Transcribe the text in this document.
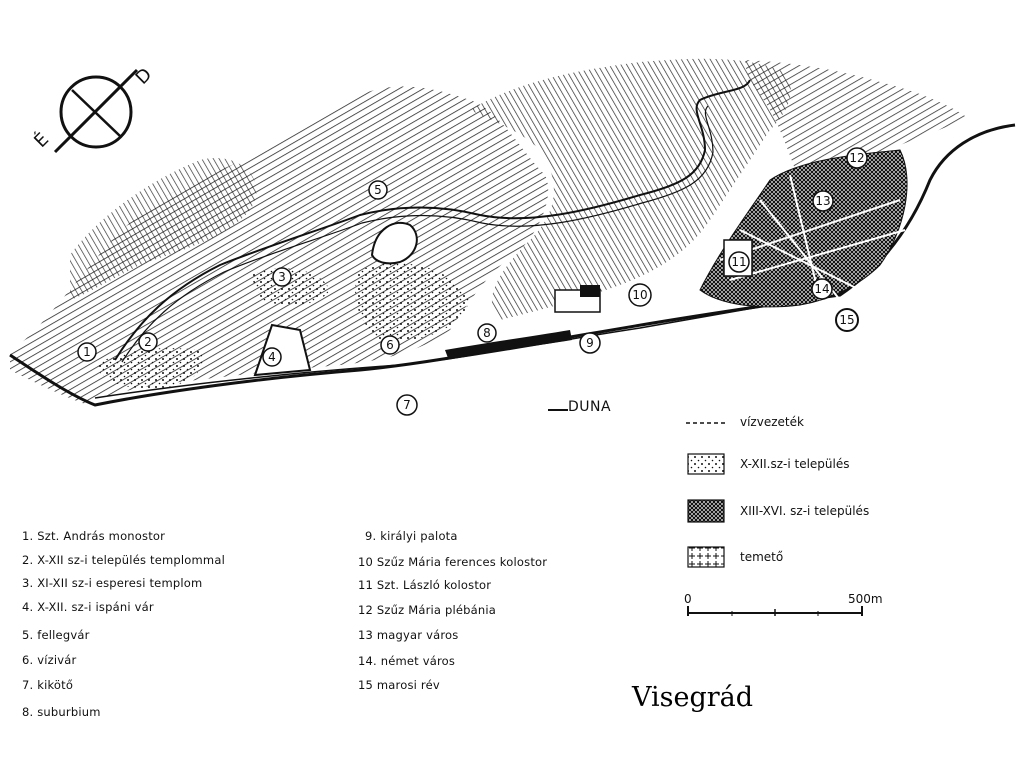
1
2
3
4
5
6
7
8
9
10
11
12
13
14
15
É
D
DUNA
vízvezeték
X-XII.sz-i település
XIII-XVI. sz-i település
temető
0	500m
1. Szt. András monostor
2. X-XII sz-i település templommal
3. XI-XII sz-i esperesi templom
4. X-XII. sz-i ispáni vár
5. fellegvár
6. vízivár
7. kikötő
8. suburbium
9. királyi palota
10 Szűz Mária ferences kolostor
11 Szt. László kolostor
12 Szűz Mária plébánia
13 magyar város
14. német város
15 marosi rév	Visegrád
